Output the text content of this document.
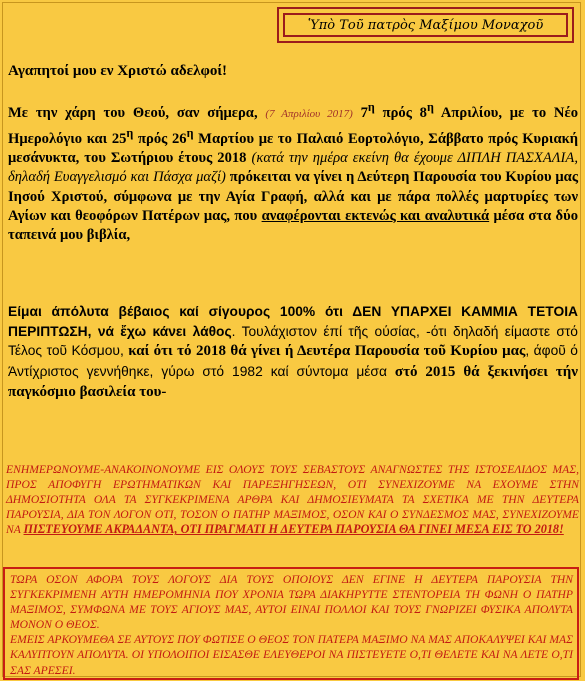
Ὑπὸ Τοῦ πατρὸς Μαξίμου Μοναχοῦ
Αγαπητοί μου εν Χριστώ αδελφοί!
Με την χάρη του Θεού, σαν σήμερα, (7 Απριλίου 2017) $7^\eta$ πρός $8^\eta$ Απριλίου, με το Νέο Ημερολόγιο και $25^\eta$ πρός $26^\eta$ Μαρτίου με το Παλαιό Εορτολόγιο, Σάββατο πρός Κυριακή μεσάνυκτα, του Σωτήριου έτους 2018 (κατά την ημέρα εκείνη θα έχουμε ΔΙΠΛΗ ΠΑΣΧΑΛΙΑ, δηλαδή Ευαγγελισμό και Πάσχα μαζί) πρόκειται να γίνει η Δεύτερη Παρουσία του Κυρίου μας Ιησού Χριστού, σύμφωνα με την Αγία Γραφή, αλλά και με πάρα πολλές μαρτυρίες των Αγίων και θεοφόρων Πατέρων μας, που αναφέρονται εκτενώς και αναλυτικά μέσα στα δύο ταπεινά μου βιβλία,
Είμαι άπόλυτα βέβαιος καί σίγουρος 100% ότι ΔΕΝ ΥΠΑΡΧΕΙ ΚΑΜΜΙΑ ΤΕΤΟΙΑ ΠΕΡΙΠΤΩΣΗ, νά ἔχω κάνει λάθος. Τουλάχιστον έπί τῆς ούσίας, -ότι δηλαδή είμαστε στό Τέλος τοῦ Κόσμου, καί ότι τό 2018 θά γίνει ή Δευτέρα Παρουσία τοῦ Κυρίου μας, άφοῦ ό Άντίχριστος γεννήθηκε, γύρω στό 1982 καί σύντομα μέσα στό 2015 θά ξεκινήσει τήν παγκόσμιο βασιλεία του-
ΕΝΗΜΕΡΩΝΟΥΜΕ-ΑΝΑΚΟΙΝΟΝΟΥΜΕ ΕΙΣ ΟΛΟΥΣ ΤΟΥΣ ΣΕΒΑΣΤΟΥΣ ΑΝΑΓΝΩΣΤΕΣ ΤΗΣ ΙΣΤΟΣΕΛΙΔΟΣ ΜΑΣ, ΠΡΟΣ ΑΠΟΦΥΓΗ ΕΡΩΤΗΜΑΤΙΚΩΝ ΚΑΙ ΠΑΡΕΞΗΓΗΣΕΩΝ, ΟΤΙ ΣΥΝΕΧΙΖΟΥΜΕ ΝΑ ΕΧΟΥΜΕ ΣΤΗΝ ΔΗΜΟΣΙΟΤΗΤΑ ΟΛΑ ΤΑ ΣΥΓΚΕΚΡΙΜΕΝΑ ΑΡΘΡΑ ΚΑΙ ΔΗΜΟΣΙΕΥΜΑΤΑ ΤΑ ΣΧΕΤΙΚΑ ΜΕ ΤΗΝ ΔΕΥΤΕΡΑ ΠΑΡΟΥΣΙΑ, ΔΙΑ ΤΟΝ ΛΟΓΟΝ ΟΤΙ, ΤΟΣΟΝ Ο ΠΑΤΗΡ ΜΑΞΙΜΟΣ, ΟΣΟΝ ΚΑΙ Ο ΣΥΝΔΕΣΜΟΣ ΜΑΣ, ΣΥΝΕΧΙΖΟΥΜΕ ΝΑ ΠΙΣΤΕΥΟΥΜΕ ΑΚΡΑΔΑΝΤΑ, ΟΤΙ ΠΡΑΓΜΑΤΙ Η ΔΕΥΤΕΡΑ ΠΑΡΟΥΣΙΑ ΘΑ ΓΙΝΕΙ ΜΕΣΑ ΕΙΣ ΤΟ 2018!

ΤΩΡΑ ΟΣΟΝ ΑΦΟΡΑ ΤΟΥΣ ΛΟΓΟΥΣ ΔΙΑ ΤΟΥΣ ΟΠΟΙΟΥΣ ΔΕΝ ΕΓΙΝΕ Η ΔΕΥΤΕΡΑ ΠΑΡΟΥΣΙΑ ΤΗΝ ΣΥΓΚΕΚΡΙΜΕΝΗ ΑΥΤΗ ΗΜΕΡΟΜΗΝΙΑ ΠΟΥ ΧΡΟΝΙΑ ΤΩΡΑ ΔΙΑΚΗΡΥΤΤΕ ΣΤΕΝΤΟΡΕΙΑ ΤΗ ΦΩΝΗ Ο ΠΑΤΗΡ ΜΑΞΙΜΟΣ, ΣΥΜΦΩΝΑ ΜΕ ΤΟΥΣ ΑΓΙΟΥΣ ΜΑΣ, ΑΥΤΟΙ ΕΙΝΑΙ ΠΟΛΛΟΙ ΚΑΙ ΤΟΥΣ ΓΝΩΡΙΖΕΙ ΦΥΣΙΚΑ ΑΠΟΛΥΤΑ ΜΟΝΟΝ Ο ΘΕΟΣ.

ΕΜΕΙΣ ΑΡΚΟΥΜΕΘΑ ΣΕ ΑΥΤΟΥΣ ΠΟΥ ΦΩΤΙΣΕ Ο ΘΕΟΣ ΤΟΝ ΠΑΤΕΡΑ ΜΑΞΙΜΟ ΝΑ ΜΑΣ ΑΠΟΚΑΛΥΨΕΙ ΚΑΙ ΜΑΣ ΚΑΛΥΠΤΟΥΝ ΑΠΟΛΥΤΑ. ΟΙ ΥΠΟΛΟΙΠΟΙ ΕΙΣΑΣΘΕ ΕΛΕΥΘΕΡΟΙ ΝΑ ΠΙΣΤΕΥΕΤΕ Ο,ΤΙ ΘΕΛΕΤΕ ΚΑΙ ΝΑ ΛΕΤΕ Ο,ΤΙ ΣΑΣ ΑΡΕΣΕΙ.
